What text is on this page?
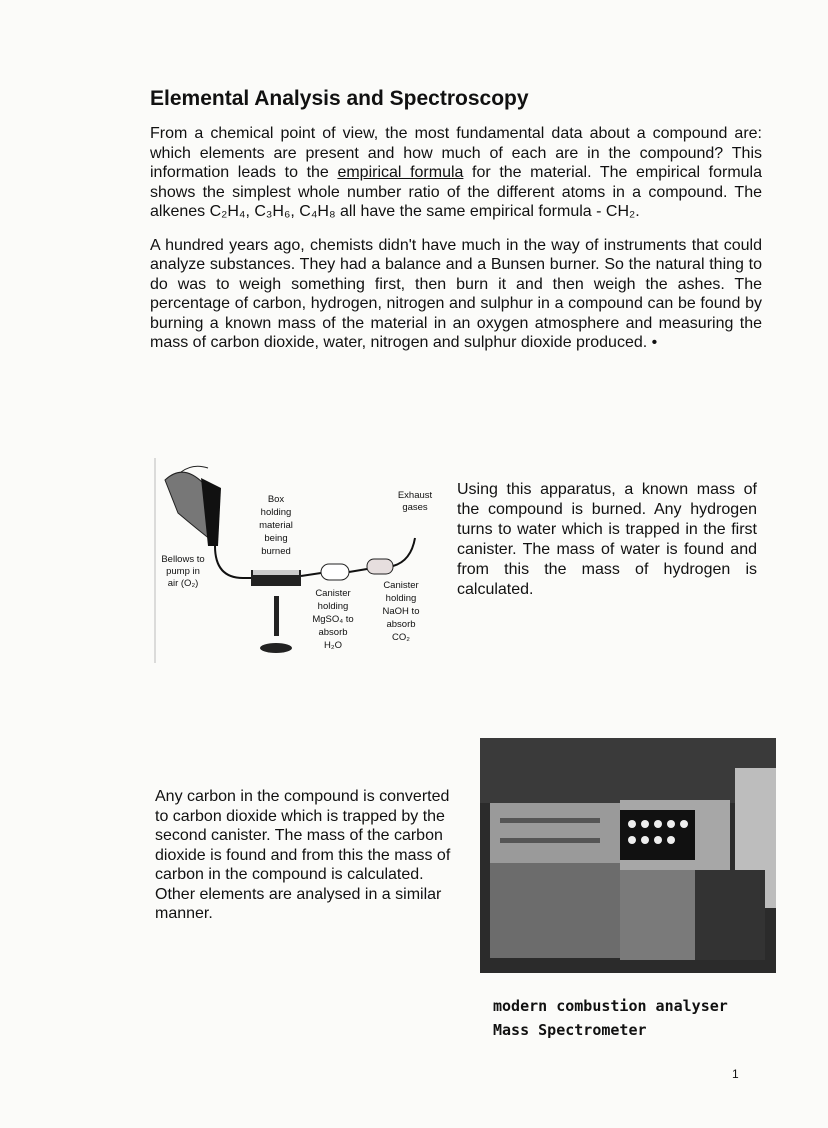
Elemental Analysis and Spectroscopy

From a chemical point of view, the most fundamental data about a compound are: which elements are present and how much of each are in the compound? This information leads to the empirical formula for the material. The empirical formula shows the simplest whole number ratio of the different atoms in a compound. The alkenes C₂H₄, C₃H₆, C₄H₈ all have the same empirical formula - CH₂.

A hundred years ago, chemists didn't have much in the way of instruments that could analyze substances. They had a balance and a Bunsen burner. So the natural thing to do was to weigh something first, then burn it and then weigh the ashes. The percentage of carbon, hydrogen, nitrogen and sulphur in a compound can be found by burning a known mass of the material in an oxygen atmosphere and measuring the mass of carbon dioxide, water, nitrogen and sulphur dioxide produced. •

Bellows to
pump in
air (O₂)
Box
holding
material
being
burned
Exhaust
gases
Canister
holding
MgSO₄ to
absorb
H₂O
Canister
holding
NaOH to
absorb
CO₂
Using this apparatus, a known mass of the compound is burned. Any hydrogen turns to water which is trapped in the first canister. The mass of water is found and from this the mass of hydrogen is calculated.
Any carbon in the compound is converted to carbon dioxide which is trapped by the second canister. The mass of the carbon dioxide is found and from this the mass of carbon in the compound is calculated. Other elements are analysed in a similar manner.
modern combustion analyser
Mass Spectrometer
1
